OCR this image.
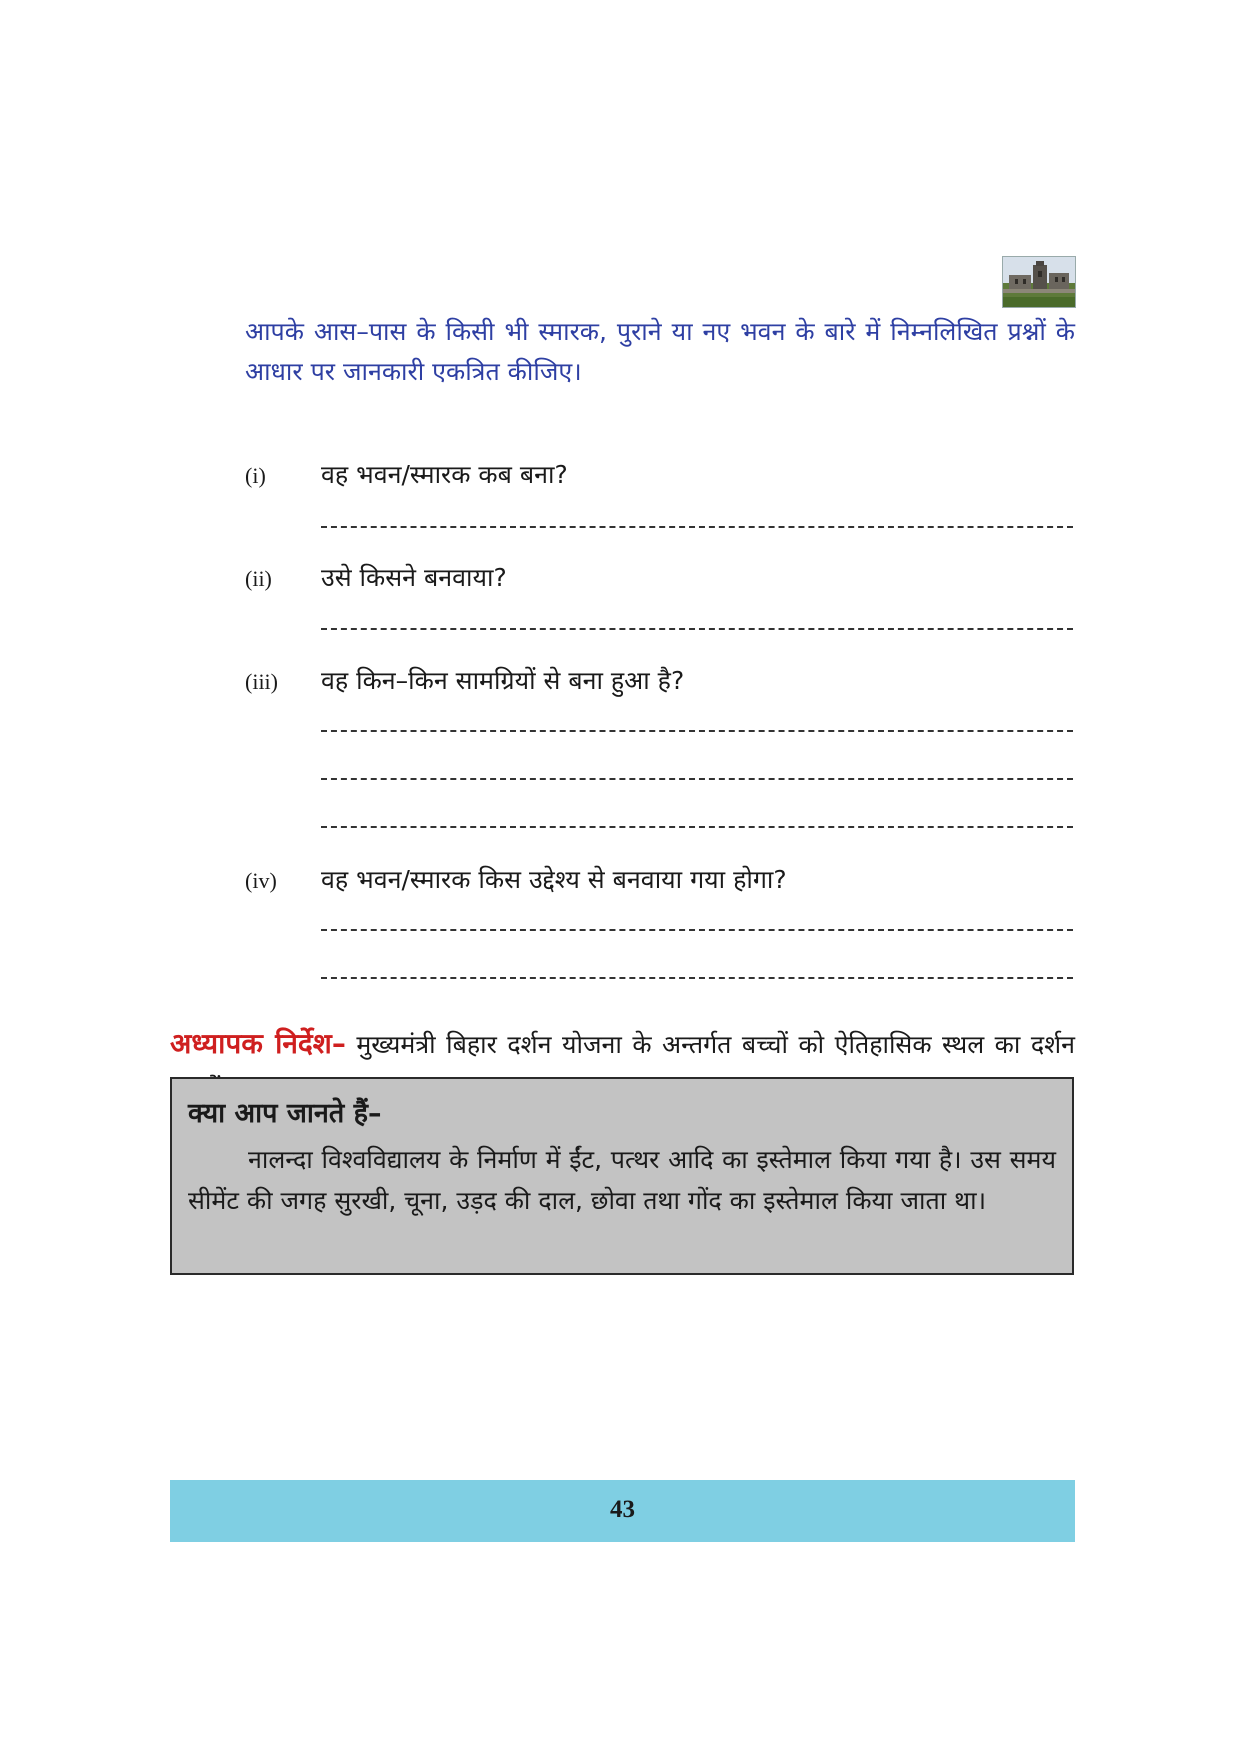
आपके आस–पास के किसी भी स्मारक, पुराने या नए भवन के बारे में निम्नलिखित प्रश्नों के आधार पर जानकारी एकत्रित कीजिए।
(i) वह भवन/स्मारक कब बना?
(ii) उसे किसने बनवाया?
(iii) वह किन–किन सामग्रियों से बना हुआ है?
(iv) वह भवन/स्मारक किस उद्देश्य से बनवाया गया होगा?
अध्यापक निर्देश– मुख्यमंत्री बिहार दर्शन योजना के अन्तर्गत बच्चों को ऐतिहासिक स्थल का दर्शन
क्या आप जानते हैं–
नालन्दा विश्वविद्यालय के निर्माण में ईंट, पत्थर आदि का इस्तेमाल किया गया है। उस समय सीमेंट की जगह सुरखी, चूना, उड़द की दाल, छोवा तथा गोंद का इस्तेमाल किया जाता था।
43
